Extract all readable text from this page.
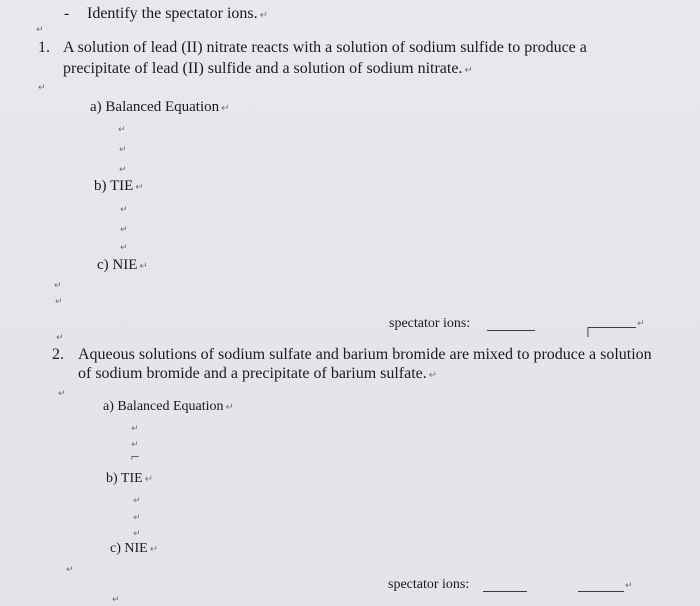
- Identify the spectator ions. ↵
↵
1. A solution of lead (II) nitrate reacts with a solution of sodium sulfide to produce a
precipitate of lead (II) sulfide and a solution of sodium nitrate. ↵
↵
a) Balanced Equation ↵
↵
↵
↵
b) TIE ↵
↵
↵
↵
c) NIE ↵
↵
↵
spectator ions:	↵
I
↵
2. Aqueous solutions of sodium sulfate and barium bromide are mixed to produce a solution
of sodium bromide and a precipitate of barium sulfate. ↵
↵
a) Balanced Equation ↵
↵
↵
⌐
b) TIE ↵
↵
↵
↵
c) NIE ↵
↵
spectator ions:	↵
↵
